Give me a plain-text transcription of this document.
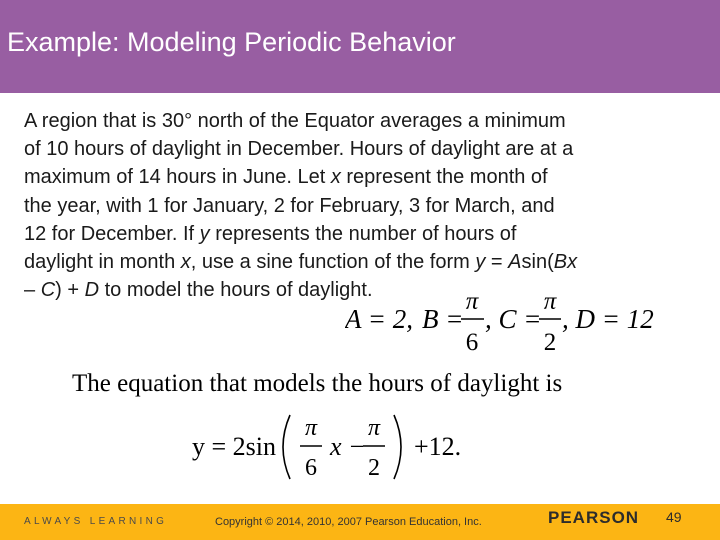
Example: Modeling Periodic Behavior
A region that is 30° north of the Equator averages a minimum
of 10 hours of daylight in December. Hours of daylight are at a
maximum of 14 hours in June. Let x represent the month of
the year, with 1 for January, 2 for February, 3 for March, and
12 for December. If y represents the number of hours of
daylight in month x, use a sine function of the form y = Asin(Bx
– C) + D to model the hours of daylight.
A = 2, B =
π
6
, C =
π
2
, D = 12

The equation that models the hours of daylight is

y = 2sin
π
6
x −
π
2
+12.

ALWAYS LEARNING	Copyright © 2014, 2010, 2007 Pearson Education, Inc.	PEARSON 49
